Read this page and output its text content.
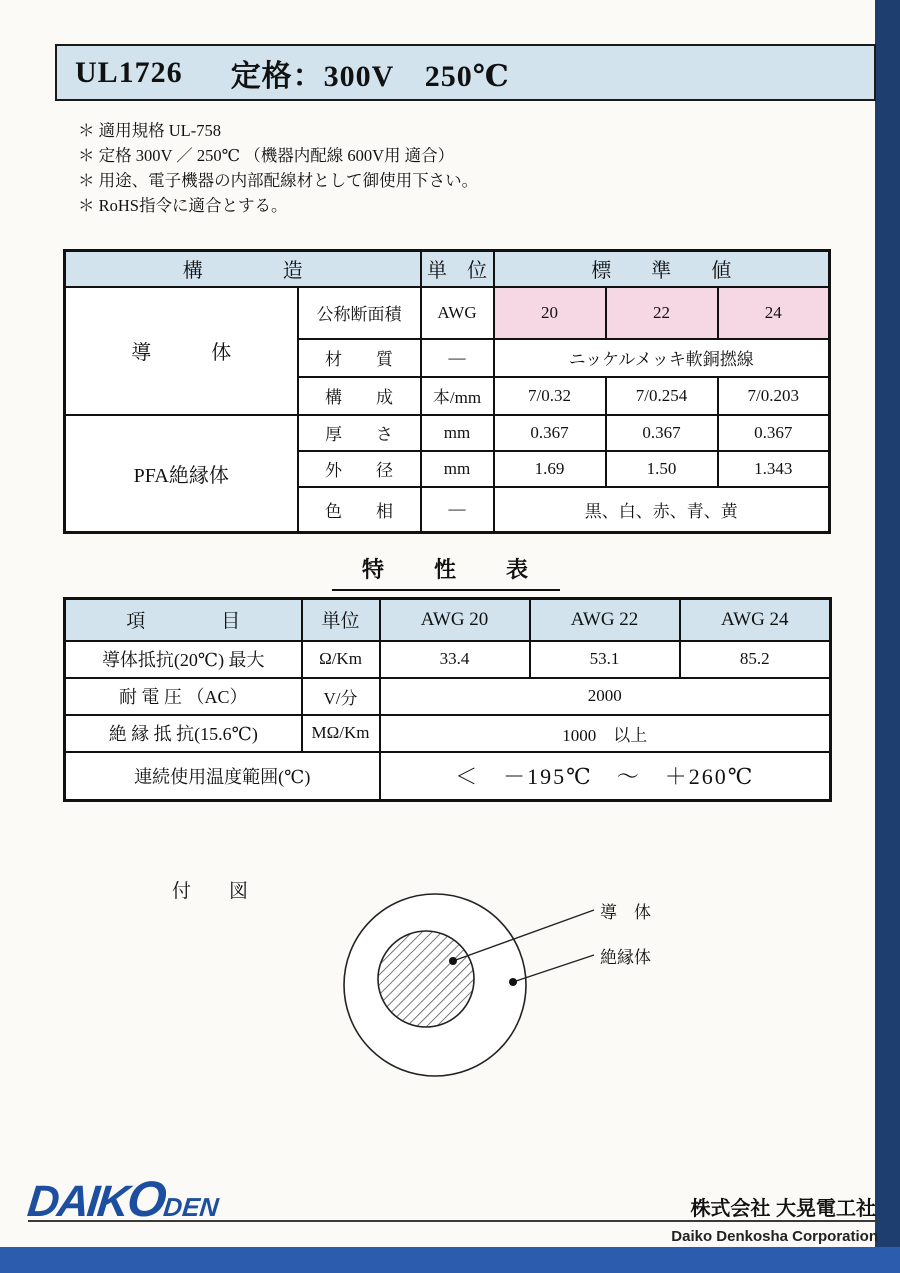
UL1726 定格：300V　250℃
＊ 適用規格 UL-758
＊ 定格 300V ／ 250℃ （機器内配線 600V用 適合）
＊ 用途、電子機器の内部配線材として御使用下さい。
＊ RoHS指令に適合とする。
構　　　　造		単　位	標　　準　　値		
導　　　体	公称断面積	AWG	20	22	24
	材　　質	―	ニッケルメッキ軟銅撚線		
	構　　成	本/mm	7/0.32	7/0.254	7/0.203
PFA絶縁体	厚　　さ	mm	0.367	0.367	0.367
	外　　径	mm	1.69	1.50	1.343
	色　　相	―	黒、白、赤、青、黄		
特　　性　　表
項　　　　目	単位	AWG 20	AWG 22	AWG 24
導体抵抗(20℃) 最大	Ω/Km	33.4	53.1	85.2
耐 電 圧 （AC）	V/分	2000		
絶 縁 抵 抗(15.6℃)	MΩ/Km	1000　以上		
連続使用温度範囲(℃)		＜　－195℃　～　＋260℃		
付　　図
導　体
絶縁体
DAIKODEN	株式会社 大晃電工社
Daiko Denkosha Corporation
